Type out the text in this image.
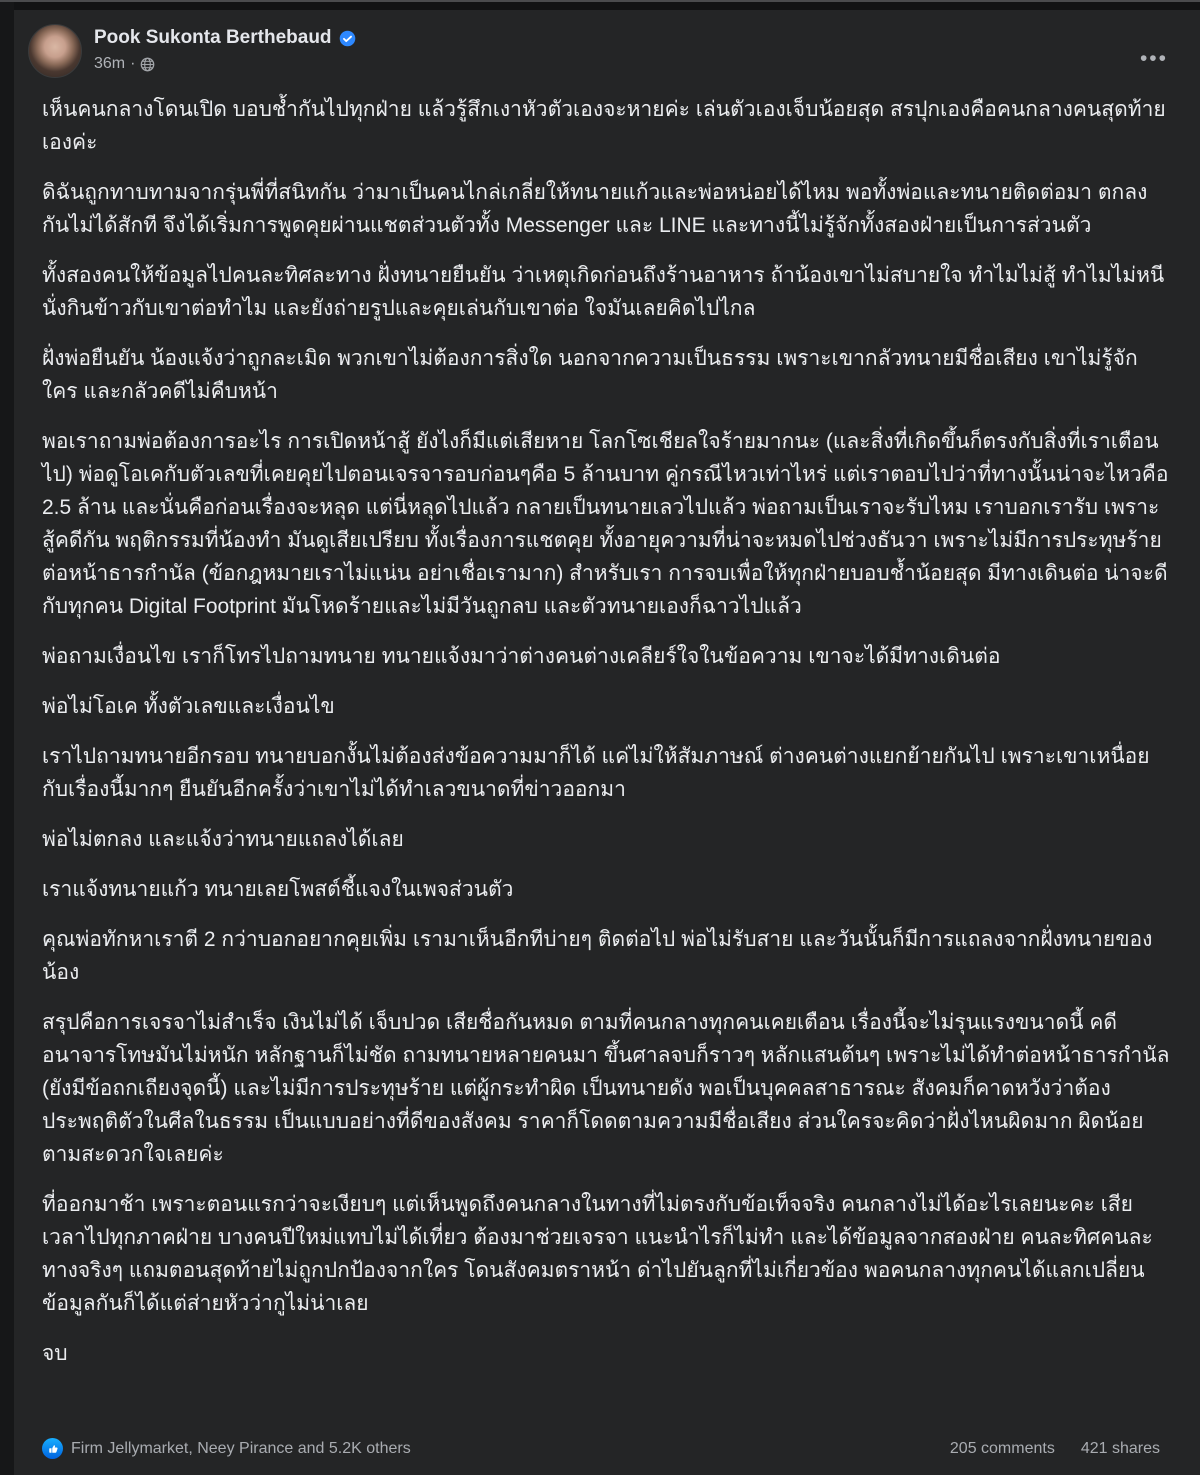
Pook Sukonta Berthebaud
36m ·	•••

เห็นคนกลางโดนเปิด บอบช้ำกันไปทุกฝ่าย แล้วรู้สึกเงาหัวตัวเองจะหายค่ะ เล่นตัวเองเจ็บน้อยสุด สรปุกเองคือคนกลางคนสุดท้ายเองค่ะ

ดิฉันถูกทาบทามจากรุ่นพี่ที่สนิทกัน ว่ามาเป็นคนไกล่เกลี่ยให้ทนายแก้วและพ่อหน่อยได้ไหม พอทั้งพ่อและทนายติดต่อมา ตกลงกันไม่ได้สักที จึงได้เริ่มการพูดคุยผ่านแชตส่วนตัวทั้ง Messenger และ LINE และทางนี้ไม่รู้จักทั้งสองฝ่ายเป็นการส่วนตัว

ทั้งสองคนให้ข้อมูลไปคนละทิศละทาง ฝั่งทนายยืนยัน ว่าเหตุเกิดก่อนถึงร้านอาหาร ถ้าน้องเขาไม่สบายใจ ทำไมไม่สู้ ทำไมไม่หนี นั่งกินข้าวกับเขาต่อทำไม และยังถ่ายรูปและคุยเล่นกับเขาต่อ ใจมันเลยคิดไปไกล

ฝั่งพ่อยืนยัน น้องแจ้งว่าถูกละเมิด พวกเขาไม่ต้องการสิ่งใด นอกจากความเป็นธรรม เพราะเขากลัวทนายมีชื่อเสียง เขาไม่รู้จักใคร และกลัวคดีไม่คืบหน้า

พอเราถามพ่อต้องการอะไร การเปิดหน้าสู้ ยังไงก็มีแต่เสียหาย โลกโซเชียลใจร้ายมากนะ (และสิ่งที่เกิดขึ้นก็ตรงกับสิ่งที่เราเตือนไป) พ่อดูโอเคกับตัวเลขที่เคยคุยไปตอนเจรจารอบก่อนๆคือ 5 ล้านบาท คู่กรณีไหวเท่าไหร่ แต่เราตอบไปว่าที่ทางนั้นน่าจะไหวคือ 2.5 ล้าน และนั่นคือก่อนเรื่องจะหลุด แต่นี่หลุดไปแล้ว กลายเป็นทนายเลวไปแล้ว พ่อถามเป็นเราจะรับไหม เราบอกเรารับ เพราะสู้คดีกัน พฤติกรรมที่น้องทำ มันดูเสียเปรียบ ทั้งเรื่องการแชตคุย ทั้งอายุความที่น่าจะหมดไปช่วงธันวา เพราะไม่มีการประทุษร้ายต่อหน้าธารกำนัล (ข้อกฎหมายเราไม่แน่น อย่าเชื่อเรามาก) สำหรับเรา การจบเพื่อให้ทุกฝ่ายบอบช้ำน้อยสุด มีทางเดินต่อ น่าจะดีกับทุกคน Digital Footprint มันโหดร้ายและไม่มีวันถูกลบ และตัวทนายเองก็ฉาวไปแล้ว

พ่อถามเงื่อนไข เราก็โทรไปถามทนาย ทนายแจ้งมาว่าต่างคนต่างเคลียร์ใจในข้อความ เขาจะได้มีทางเดินต่อ

พ่อไม่โอเค ทั้งตัวเลขและเงื่อนไข

เราไปถามทนายอีกรอบ ทนายบอกงั้นไม่ต้องส่งข้อความมาก็ได้ แค่ไม่ให้สัมภาษณ์ ต่างคนต่างแยกย้ายกันไป เพราะเขาเหนื่อยกับเรื่องนี้มากๆ ยืนยันอีกครั้งว่าเขาไม่ได้ทำเลวขนาดที่ข่าวออกมา

พ่อไม่ตกลง และแจ้งว่าทนายแถลงได้เลย

เราแจ้งทนายแก้ว ทนายเลยโพสต์ชี้แจงในเพจส่วนตัว

คุณพ่อทักหาเราตี 2 กว่าบอกอยากคุยเพิ่ม เรามาเห็นอีกทีบ่ายๆ ติดต่อไป พ่อไม่รับสาย และวันนั้นก็มีการแถลงจากฝั่งทนายของน้อง

สรุปคือการเจรจาไม่สำเร็จ เงินไม่ได้ เจ็บปวด เสียชื่อกันหมด ตามที่คนกลางทุกคนเคยเตือน เรื่องนี้จะไม่รุนแรงขนาดนี้ คดีอนาจารโทษมันไม่หนัก หลักฐานก็ไม่ชัด ถามทนายหลายคนมา ขึ้นศาลจบก็ราวๆ หลักแสนต้นๆ เพราะไม่ได้ทำต่อหน้าธารกำนัล (ยังมีข้อถกเถียงจุดนี้) และไม่มีการประทุษร้าย แต่ผู้กระทำผิด เป็นทนายดัง พอเป็นบุคคลสาธารณะ สังคมก็คาดหวังว่าต้องประพฤติตัวในศีลในธรรม เป็นแบบอย่างที่ดีของสังคม ราคาก็โดดตามความมีชื่อเสียง ส่วนใครจะคิดว่าฝั่งไหนผิดมาก ผิดน้อย ตามสะดวกใจเลยค่ะ

ที่ออกมาช้า เพราะตอนแรกว่าจะเงียบๆ แต่เห็นพูดถึงคนกลางในทางที่ไม่ตรงกับข้อเท็จจริง คนกลางไม่ได้อะไรเลยนะคะ เสียเวลาไปทุกภาคฝ่าย บางคนปีใหม่แทบไม่ได้เที่ยว ต้องมาช่วยเจรจา แนะนำไรก็ไม่ทำ และได้ข้อมูลจากสองฝ่าย คนละทิศคนละทางจริงๆ แถมตอนสุดท้ายไม่ถูกปกป้องจากใคร โดนสังคมตราหน้า ด่าไปยันลูกที่ไม่เกี่ยวข้อง พอคนกลางทุกคนได้แลกเปลี่ยนข้อมูลกันก็ได้แต่ส่ายหัวว่ากูไม่น่าเลย

จบ

Firm Jellymarket, Neey Pirance and 5.2K others	205 comments 421 shares
